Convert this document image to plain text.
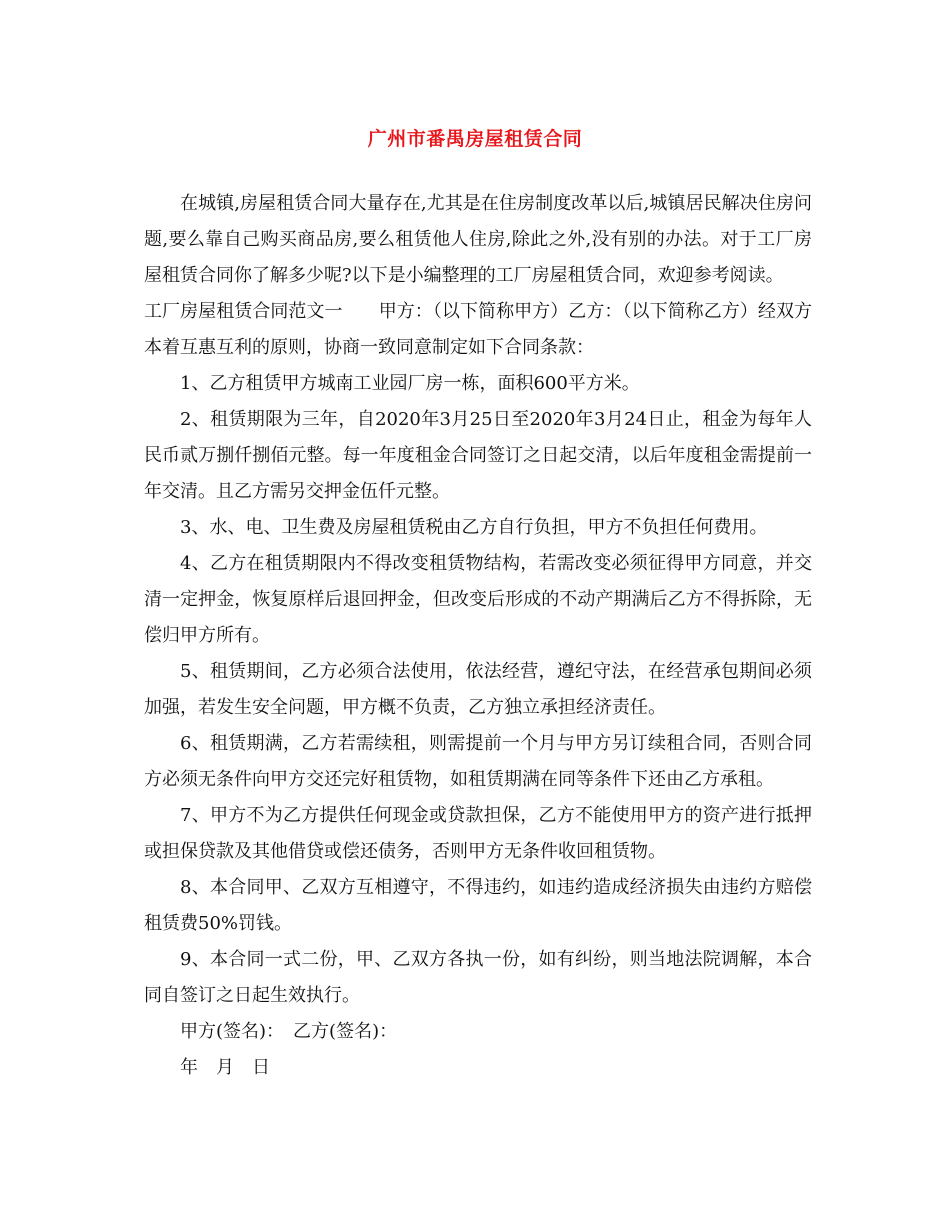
广州市番禺房屋租赁合同

在城镇,房屋租赁合同大量存在,尤其是在住房制度改革以后,城镇居民解决住房问题,要么靠自己购买商品房,要么租赁他人住房,除此之外,没有别的办法。对于工厂房屋租赁合同你了解多少呢?以下是小编整理的工厂房屋租赁合同，欢迎参考阅读。

工厂房屋租赁合同范文一　　甲方：（以下简称甲方）乙方：（以下简称乙方）经双方本着互惠互利的原则，协商一致同意制定如下合同条款：

1、乙方租赁甲方城南工业园厂房一栋，面积600平方米。

2、租赁期限为三年，自2020年3月25日至2020年3月24日止，租金为每年人民币贰万捌仟捌佰元整。每一年度租金合同签订之日起交清，以后年度租金需提前一年交清。且乙方需另交押金伍仟元整。

3、水、电、卫生费及房屋租赁税由乙方自行负担，甲方不负担任何费用。

4、乙方在租赁期限内不得改变租赁物结构，若需改变必须征得甲方同意，并交清一定押金，恢复原样后退回押金，但改变后形成的不动产期满后乙方不得拆除，无偿归甲方所有。

5、租赁期间，乙方必须合法使用，依法经营，遵纪守法，在经营承包期间必须加强，若发生安全问题，甲方概不负责，乙方独立承担经济责任。

6、租赁期满，乙方若需续租，则需提前一个月与甲方另订续租合同，否则合同方必须无条件向甲方交还完好租赁物，如租赁期满在同等条件下还由乙方承租。

7、甲方不为乙方提供任何现金或贷款担保，乙方不能使用甲方的资产进行抵押或担保贷款及其他借贷或偿还债务，否则甲方无条件收回租赁物。

8、本合同甲、乙双方互相遵守，不得违约，如违约造成经济损失由违约方赔偿租赁费50%罚钱。

9、本合同一式二份，甲、乙双方各执一份，如有纠纷，则当地法院调解，本合同自签订之日起生效执行。

甲方(签名)：　乙方(签名)：

年　月　日
